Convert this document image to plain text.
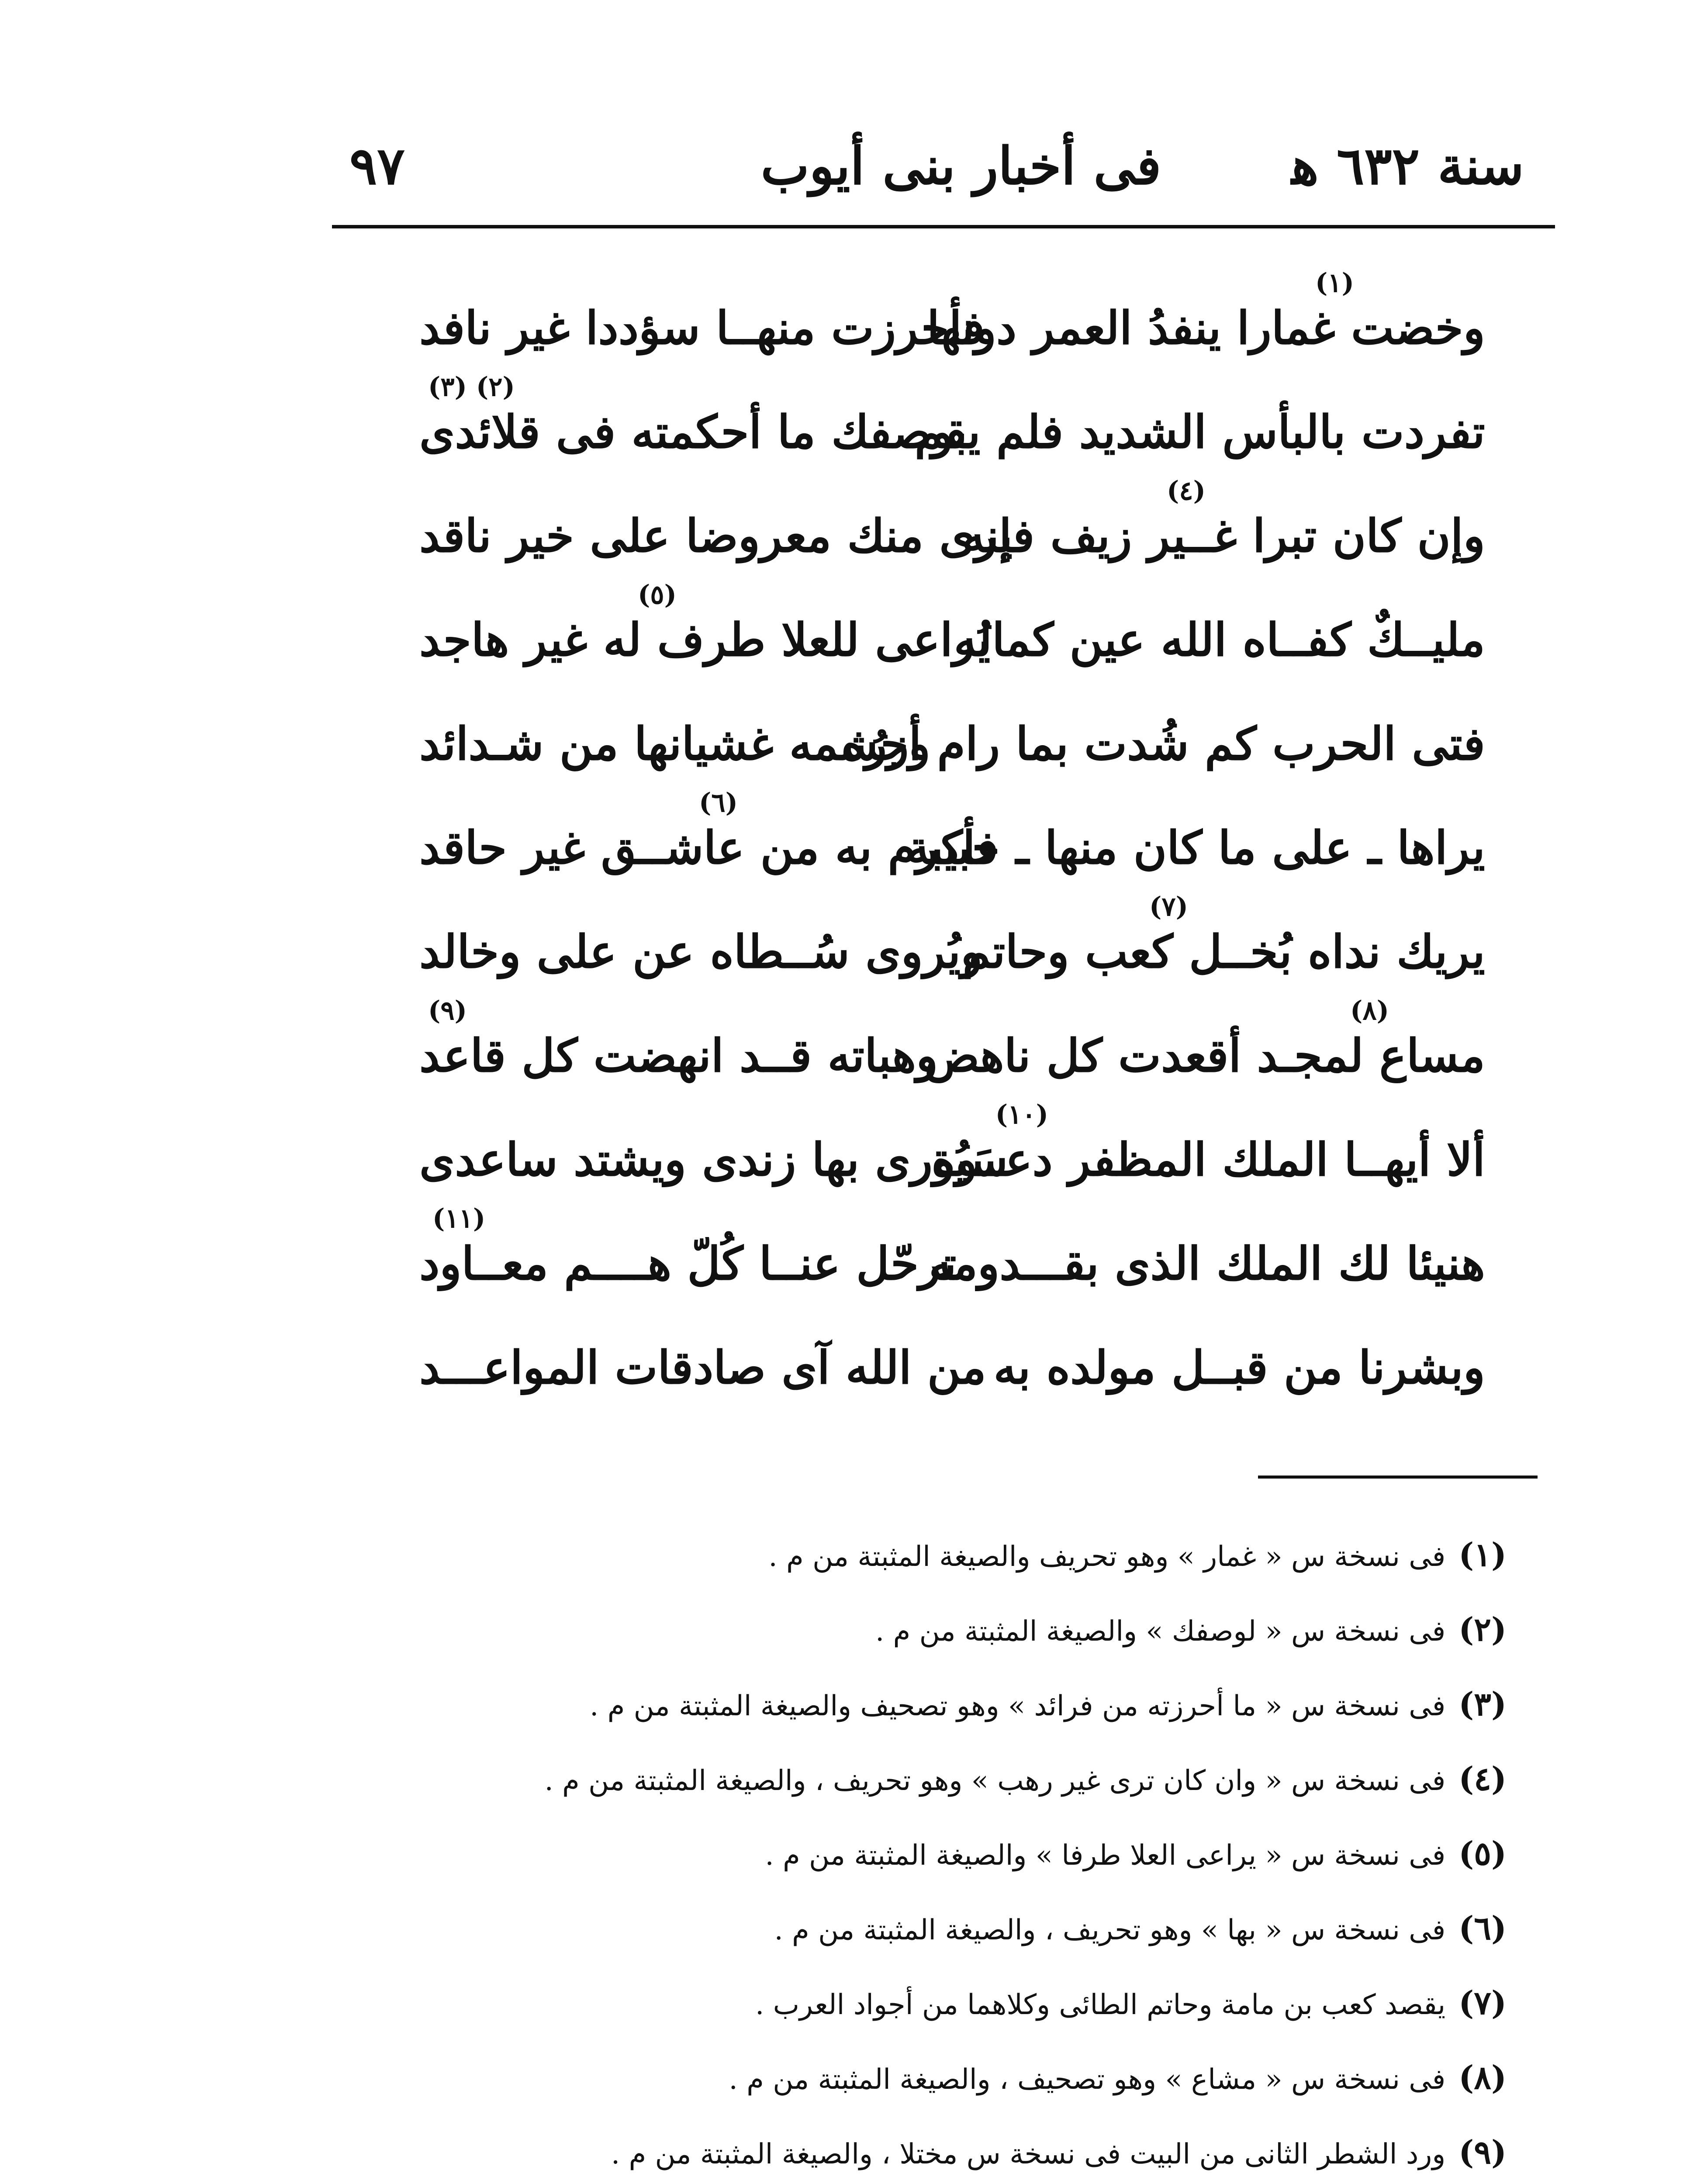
٩٧	فى أخبار بنى أيوب	سنة ٦٣٢ ﻫ
(١)
وخضت غمارا ينفدُ العمر دونها
فأحرزت منهــا سؤددا غير نافد
(٢) (٣)
تفردت بالبأس الشديد فلم يقم
بوصفك ما أحكمته فى قلائدى
(٤)
وإن كان تبرا غــير زيف فإنه
يرى منك معروضا على خير ناقد
(٥)
مليــكٌ كفــاه الله عين كماله
يُراعى للعلا طرف له غير هاجد
فتى الحرب كم شُدت بما رام أزرُه
وجشمه غشيانها من شـدائد
(٦)
يراها ـ على ما كان منها ـ حبيبة
فأكرم به من عاشــق غير حاقد
(٧)
يريك نداه بُخــل كعب وحاتم
ويُروى سُــطاه عن على وخالد
(٨)
(٩)
مساع لمجـد أقعدت كل ناهض
وهباته قــد انهضت كل قاعد
(١٠)
ألا أيهــا الملك المظفر دعــوة
سَيُورى بها زندى ويشتد ساعدى
(١١)
هنيئا لك الملك الذى بقـــدومه
ترحّل عنــا كُلّ هــــم معــاود
وبشرنا من قبــل مولده به
من الله آى صادقات المواعـــد
(١)فى نسخة س « غمار » وهو تحريف والصيغة المثبتة من م .
(٢)فى نسخة س « لوصفك » والصيغة المثبتة من م .
(٣)فى نسخة س « ما أحرزته من فرائد » وهو تصحيف والصيغة المثبتة من م .
(٤)فى نسخة س « وان كان ترى غير رهب » وهو تحريف ، والصيغة المثبتة من م .
(٥)فى نسخة س « يراعى العلا طرفا » والصيغة المثبتة من م .
(٦)فى نسخة س « بها » وهو تحريف ، والصيغة المثبتة من م .
(٧)يقصد كعب بن مامة وحاتم الطائى وكلاهما من أجواد العرب .
(٨)فى نسخة س « مشاع » وهو تصحيف ، والصيغة المثبتة من م .
(٩)ورد الشطر الثانى من البيت فى نسخة س مختلا ، والصيغة المثبتة من م .
